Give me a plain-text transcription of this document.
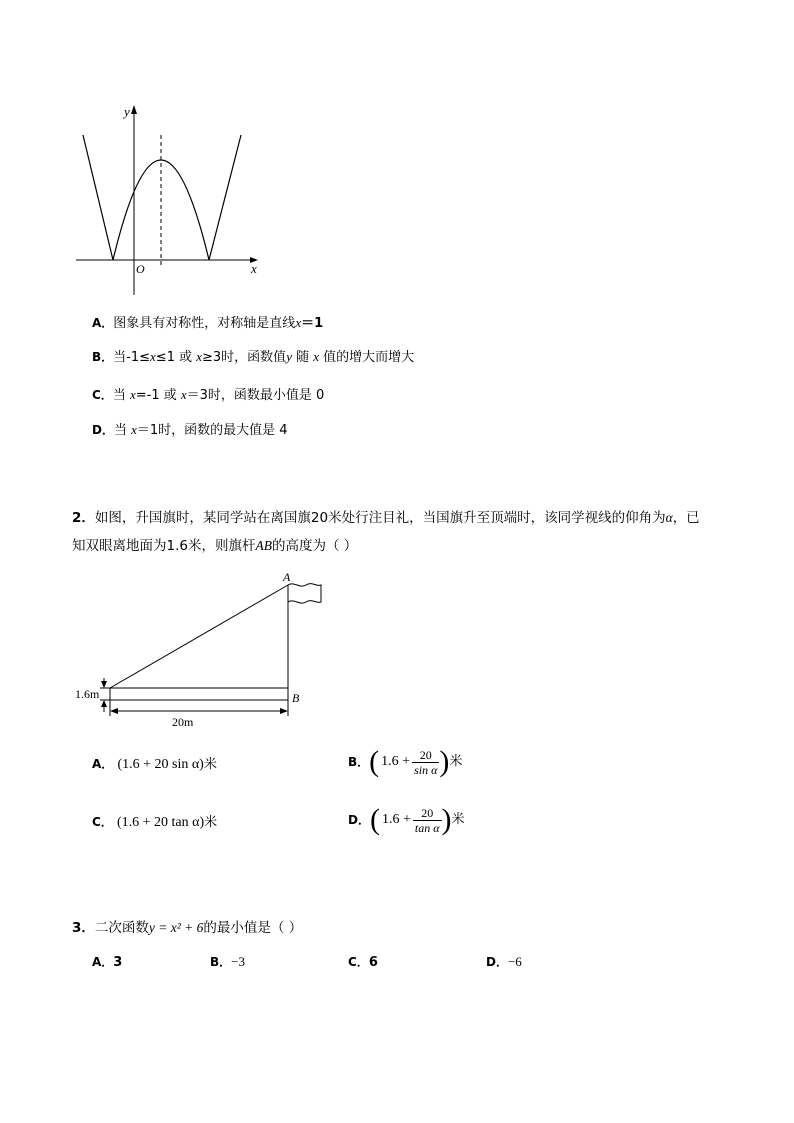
y
x
O
A．图象具有对称性，对称轴是直线x＝1
B．当-1≤x≤1 或 x≥3时，函数值y 随 x 值的增大而增大
C．当 x=-1 或 x＝3时，函数最小值是 0
D．当 x＝1时，函数的最大值是 4
2．如图，升国旗时，某同学站在离国旗20米处行注目礼，当国旗升至顶端时，该同学视线的仰角为α，已
知双眼离地面为1.6米，则旗杆AB的高度为（ ）
A
B
1.6m
20m
A． (1.6 + 20 sin α)米	B． ( $1.6 + \frac{20}{\text{sin α}}$ ) 米
C． (1.6 + 20 tan α)米	D． ( $1.6 + \frac{20}{\text{tan α}}$ ) 米
3．二次函数y = x² + 6的最小值是（ ）
A．3	B．−3	C．6	D．−6
